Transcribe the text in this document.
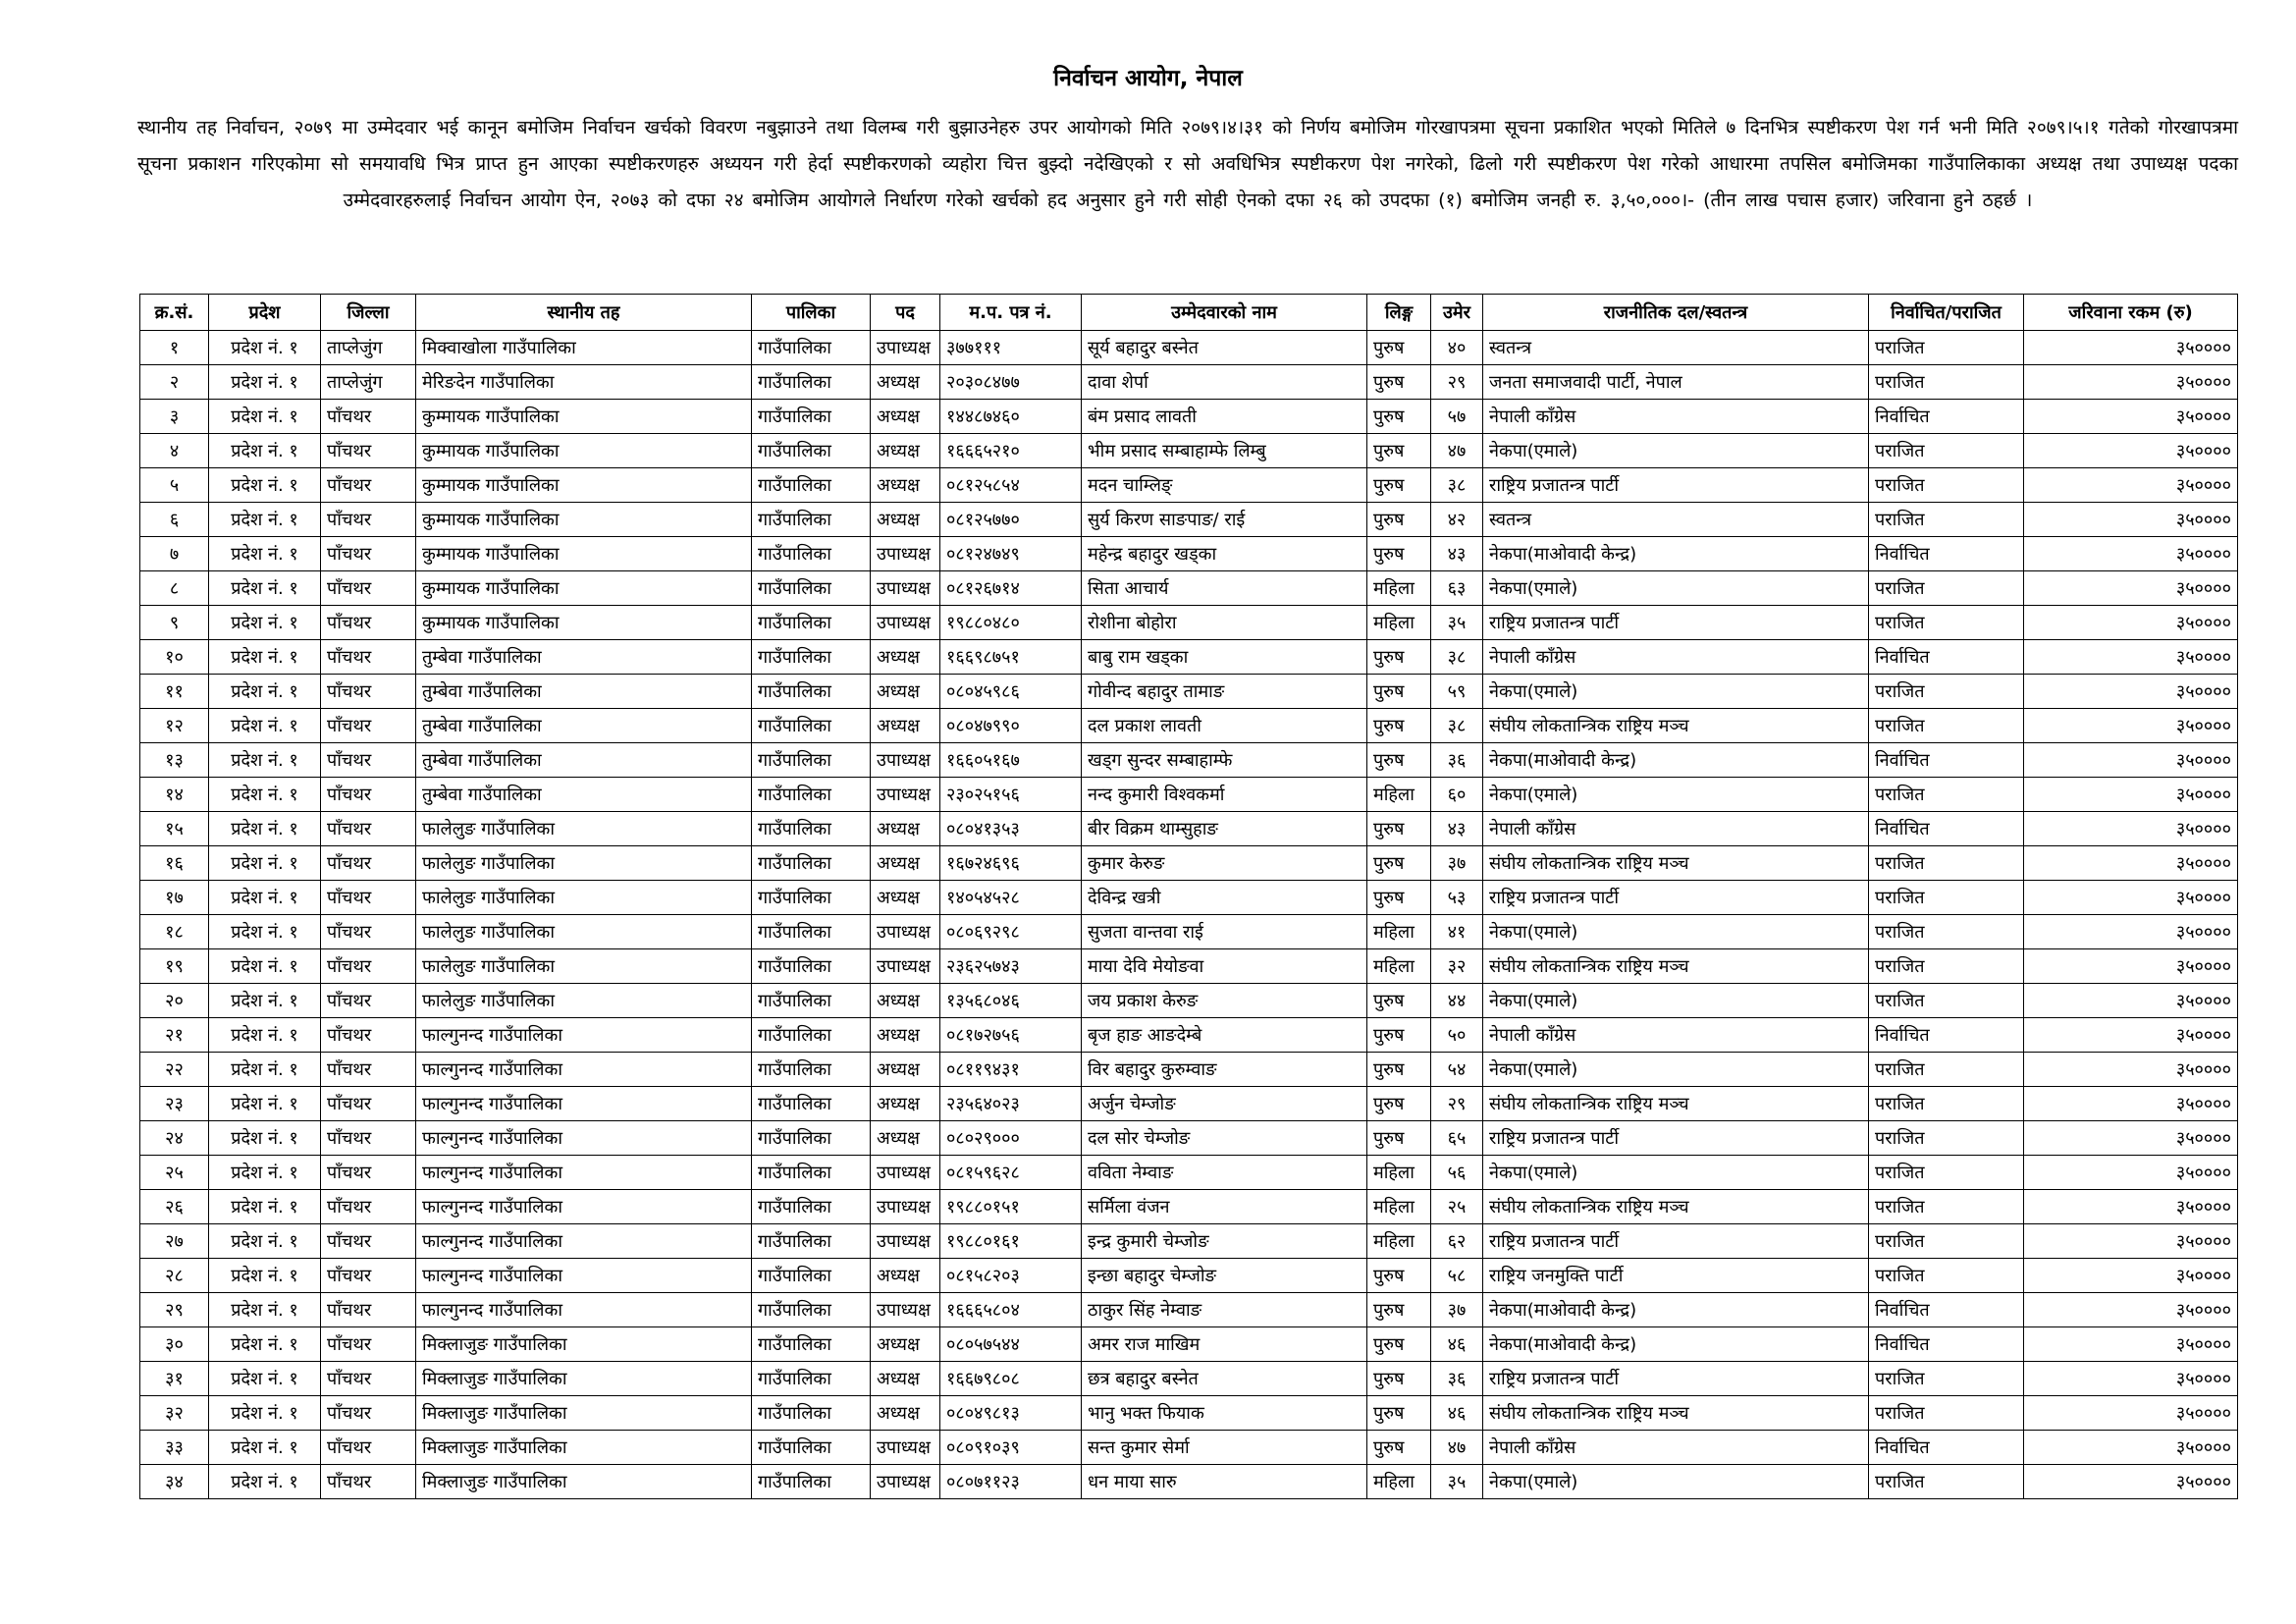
निर्वाचन आयोग, नेपाल
स्थानीय तह निर्वाचन, २०७९ मा उम्मेदवार भई कानून बमोजिम निर्वाचन खर्चको विवरण नबुझाउने तथा विलम्ब गरी बुझाउनेहरु उपर आयोगको मिति २०७९।४।३१ को निर्णय बमोजिम गोरखापत्रमा सूचना प्रकाशित भएको मितिले ७ दिनभित्र स्पष्टीकरण पेश गर्न भनी मिति २०७९।५।१ गतेको गोरखापत्रमा सूचना प्रकाशन गरिएकोमा सो समयावधि भित्र प्राप्त हुन आएका स्पष्टीकरणहरु अध्ययन गरी हेर्दा स्पष्टीकरणको व्यहोरा चित्त बुझ्दो नदेखिएको र सो अवधिभित्र स्पष्टीकरण पेश नगरेको, ढिलो गरी स्पष्टीकरण पेश गरेको आधारमा तपसिल बमोजिमका गाउँपालिकाका अध्यक्ष तथा उपाध्यक्ष पदका उम्मेदवारहरुलाई निर्वाचन आयोग ऐन, २०७३ को दफा २४ बमोजिम आयोगले निर्धारण गरेको खर्चको हद अनुसार हुने गरी सोही ऐनको दफा २६ को उपदफा (१) बमोजिम जनही रु. ३,५०,०००।- (तीन लाख पचास हजार) जरिवाना हुने ठहर्छ ।
क्र.सं.	प्रदेश	जिल्ला	स्थानीय तह	पालिका	पद	म.प. पत्र नं.	उम्मेदवारको नाम	लिङ्ग	उमेर	राजनीतिक दल/स्वतन्त्र	निर्वाचित/पराजित	जरिवाना रकम (रु)
१	प्रदेश नं. १	ताप्लेजुंग	मिक्वाखोला गाउँपालिका	गाउँपालिका	उपाध्यक्ष	३७७१११	सूर्य बहादुर बस्नेत	पुरुष	४०	स्वतन्त्र	पराजित	३५००००
२	प्रदेश नं. १	ताप्लेजुंग	मेरिङदेन गाउँपालिका	गाउँपालिका	अध्यक्ष	२०३०८४७७	दावा शेर्पा	पुरुष	२९	जनता समाजवादी पार्टी, नेपाल	पराजित	३५००००
३	प्रदेश नं. १	पाँचथर	कुम्मायक गाउँपालिका	गाउँपालिका	अध्यक्ष	१४४८७४६०	बंम प्रसाद लावती	पुरुष	५७	नेपाली काँग्रेस	निर्वाचित	३५००००
४	प्रदेश नं. १	पाँचथर	कुम्मायक गाउँपालिका	गाउँपालिका	अध्यक्ष	१६६६५२१०	भीम प्रसाद सम्बाहाम्फे लिम्बु	पुरुष	४७	नेकपा(एमाले)	पराजित	३५००००
५	प्रदेश नं. १	पाँचथर	कुम्मायक गाउँपालिका	गाउँपालिका	अध्यक्ष	०८१२५८५४	मदन चाम्लिङ्	पुरुष	३८	राष्ट्रिय प्रजातन्त्र पार्टी	पराजित	३५००००
६	प्रदेश नं. १	पाँचथर	कुम्मायक गाउँपालिका	गाउँपालिका	अध्यक्ष	०८१२५७७०	सुर्य किरण साङपाङ/ राई	पुरुष	४२	स्वतन्त्र	पराजित	३५००००
७	प्रदेश नं. १	पाँचथर	कुम्मायक गाउँपालिका	गाउँपालिका	उपाध्यक्ष	०८१२४७४९	महेन्द्र बहादुर खड्का	पुरुष	४३	नेकपा(माओवादी केन्द्र)	निर्वाचित	३५००००
८	प्रदेश नं. १	पाँचथर	कुम्मायक गाउँपालिका	गाउँपालिका	उपाध्यक्ष	०८१२६७१४	सिता आचार्य	महिला	६३	नेकपा(एमाले)	पराजित	३५००००
९	प्रदेश नं. १	पाँचथर	कुम्मायक गाउँपालिका	गाउँपालिका	उपाध्यक्ष	१९८८०४८०	रोशीना बोहोरा	महिला	३५	राष्ट्रिय प्रजातन्त्र पार्टी	पराजित	३५००००
१०	प्रदेश नं. १	पाँचथर	तुम्बेवा गाउँपालिका	गाउँपालिका	अध्यक्ष	१६६९८७५१	बाबु राम खड्का	पुरुष	३८	नेपाली काँग्रेस	निर्वाचित	३५००००
११	प्रदेश नं. १	पाँचथर	तुम्बेवा गाउँपालिका	गाउँपालिका	अध्यक्ष	०८०४५९८६	गोवीन्द बहादुर तामाङ	पुरुष	५९	नेकपा(एमाले)	पराजित	३५००००
१२	प्रदेश नं. १	पाँचथर	तुम्बेवा गाउँपालिका	गाउँपालिका	अध्यक्ष	०८०४७९९०	दल प्रकाश लावती	पुरुष	३८	संघीय लोकतान्त्रिक राष्ट्रिय मञ्च	पराजित	३५००००
१३	प्रदेश नं. १	पाँचथर	तुम्बेवा गाउँपालिका	गाउँपालिका	उपाध्यक्ष	१६६०५१६७	खड्ग सुन्दर सम्बाहाम्फे	पुरुष	३६	नेकपा(माओवादी केन्द्र)	निर्वाचित	३५००००
१४	प्रदेश नं. १	पाँचथर	तुम्बेवा गाउँपालिका	गाउँपालिका	उपाध्यक्ष	२३०२५१५६	नन्द कुमारी विश्वकर्मा	महिला	६०	नेकपा(एमाले)	पराजित	३५००००
१५	प्रदेश नं. १	पाँचथर	फालेलुङ गाउँपालिका	गाउँपालिका	अध्यक्ष	०८०४१३५३	बीर विक्रम थाम्सुहाङ	पुरुष	४३	नेपाली काँग्रेस	निर्वाचित	३५००००
१६	प्रदेश नं. १	पाँचथर	फालेलुङ गाउँपालिका	गाउँपालिका	अध्यक्ष	१६७२४६९६	कुमार केरुङ	पुरुष	३७	संघीय लोकतान्त्रिक राष्ट्रिय मञ्च	पराजित	३५००००
१७	प्रदेश नं. १	पाँचथर	फालेलुङ गाउँपालिका	गाउँपालिका	अध्यक्ष	१४०५४५२८	देविन्द्र खत्री	पुरुष	५३	राष्ट्रिय प्रजातन्त्र पार्टी	पराजित	३५००००
१८	प्रदेश नं. १	पाँचथर	फालेलुङ गाउँपालिका	गाउँपालिका	उपाध्यक्ष	०८०६९२९८	सुजता वान्तवा राई	महिला	४१	नेकपा(एमाले)	पराजित	३५००००
१९	प्रदेश नं. १	पाँचथर	फालेलुङ गाउँपालिका	गाउँपालिका	उपाध्यक्ष	२३६२५७४३	माया देवि मेयोङवा	महिला	३२	संघीय लोकतान्त्रिक राष्ट्रिय मञ्च	पराजित	३५००००
२०	प्रदेश नं. १	पाँचथर	फालेलुङ गाउँपालिका	गाउँपालिका	अध्यक्ष	१३५६८०४६	जय प्रकाश केरुङ	पुरुष	४४	नेकपा(एमाले)	पराजित	३५००००
२१	प्रदेश नं. १	पाँचथर	फाल्गुनन्द गाउँपालिका	गाउँपालिका	अध्यक्ष	०८१७२७५६	बृज हाङ आङदेम्बे	पुरुष	५०	नेपाली काँग्रेस	निर्वाचित	३५००००
२२	प्रदेश नं. १	पाँचथर	फाल्गुनन्द गाउँपालिका	गाउँपालिका	अध्यक्ष	०८११९४३१	विर बहादुर कुरुम्वाङ	पुरुष	५४	नेकपा(एमाले)	पराजित	३५००००
२३	प्रदेश नं. १	पाँचथर	फाल्गुनन्द गाउँपालिका	गाउँपालिका	अध्यक्ष	२३५६४०२३	अर्जुन चेम्जोङ	पुरुष	२९	संघीय लोकतान्त्रिक राष्ट्रिय मञ्च	पराजित	३५००००
२४	प्रदेश नं. १	पाँचथर	फाल्गुनन्द गाउँपालिका	गाउँपालिका	अध्यक्ष	०८०२९०००	दल सोर चेम्जोङ	पुरुष	६५	राष्ट्रिय प्रजातन्त्र पार्टी	पराजित	३५००००
२५	प्रदेश नं. १	पाँचथर	फाल्गुनन्द गाउँपालिका	गाउँपालिका	उपाध्यक्ष	०८१५९६२८	वविता नेम्वाङ	महिला	५६	नेकपा(एमाले)	पराजित	३५००००
२६	प्रदेश नं. १	पाँचथर	फाल्गुनन्द गाउँपालिका	गाउँपालिका	उपाध्यक्ष	१९८८०१५१	सर्मिला वंजन	महिला	२५	संघीय लोकतान्त्रिक राष्ट्रिय मञ्च	पराजित	३५००००
२७	प्रदेश नं. १	पाँचथर	फाल्गुनन्द गाउँपालिका	गाउँपालिका	उपाध्यक्ष	१९८८०१६१	इन्द्र कुमारी चेम्जोङ	महिला	६२	राष्ट्रिय प्रजातन्त्र पार्टी	पराजित	३५००००
२८	प्रदेश नं. १	पाँचथर	फाल्गुनन्द गाउँपालिका	गाउँपालिका	अध्यक्ष	०८१५८२०३	इन्छा बहादुर चेम्जोङ	पुरुष	५८	राष्ट्रिय जनमुक्ति पार्टी	पराजित	३५००००
२९	प्रदेश नं. १	पाँचथर	फाल्गुनन्द गाउँपालिका	गाउँपालिका	उपाध्यक्ष	१६६६५८०४	ठाकुर सिंह नेम्वाङ	पुरुष	३७	नेकपा(माओवादी केन्द्र)	निर्वाचित	३५००००
३०	प्रदेश नं. १	पाँचथर	मिक्लाजुङ गाउँपालिका	गाउँपालिका	अध्यक्ष	०८०५७५४४	अमर राज माखिम	पुरुष	४६	नेकपा(माओवादी केन्द्र)	निर्वाचित	३५००००
३१	प्रदेश नं. १	पाँचथर	मिक्लाजुङ गाउँपालिका	गाउँपालिका	अध्यक्ष	१६६७९८०८	छत्र बहादुर बस्नेत	पुरुष	३६	राष्ट्रिय प्रजातन्त्र पार्टी	पराजित	३५००००
३२	प्रदेश नं. १	पाँचथर	मिक्लाजुङ गाउँपालिका	गाउँपालिका	अध्यक्ष	०८०४९८१३	भानु भक्त फियाक	पुरुष	४६	संघीय लोकतान्त्रिक राष्ट्रिय मञ्च	पराजित	३५००००
३३	प्रदेश नं. १	पाँचथर	मिक्लाजुङ गाउँपालिका	गाउँपालिका	उपाध्यक्ष	०८०९१०३९	सन्त कुमार सेर्मा	पुरुष	४७	नेपाली काँग्रेस	निर्वाचित	३५००००
३४	प्रदेश नं. १	पाँचथर	मिक्लाजुङ गाउँपालिका	गाउँपालिका	उपाध्यक्ष	०८०७११२३	धन माया सारु	महिला	३५	नेकपा(एमाले)	पराजित	३५००००
